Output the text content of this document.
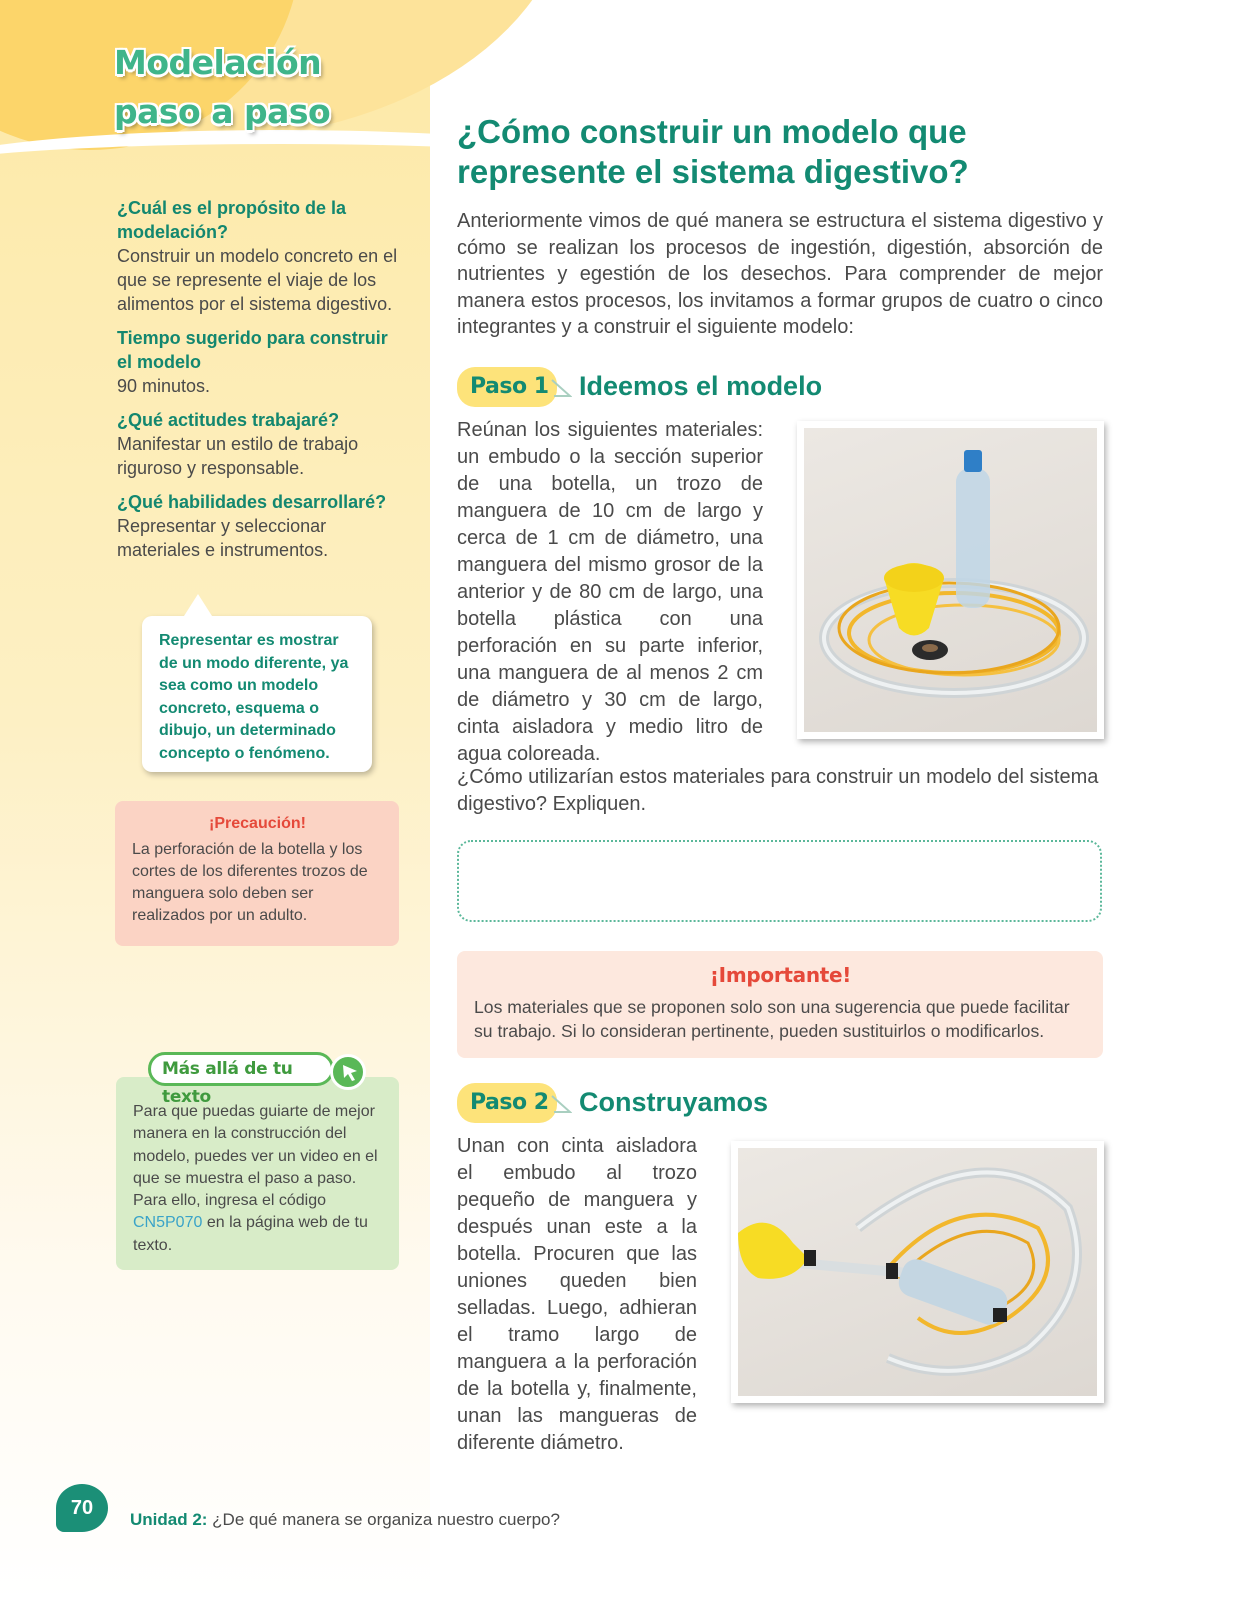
Modelación
paso a paso
¿Cuál es el propósito de la modelación?
Construir un modelo concreto en el que se represente el viaje de los alimentos por el sistema digestivo.
Tiempo sugerido para construir el modelo
90 minutos.
¿Qué actitudes trabajaré?
Manifestar un estilo de trabajo riguroso y responsable.
¿Qué habilidades desarrollaré?
Representar y seleccionar materiales e instrumentos.

Representar es mostrar de un modo diferente, ya sea como un modelo concreto, esquema o dibujo, un determinado concepto o fenómeno.

¡Precaución!

La perforación de la botella y los cortes de los diferentes trozos de manguera solo deben ser realizados por un adulto.

Para que puedas guiarte de mejor manera en la construcción del modelo, puedes ver un video en el que se muestra el paso a paso. Para ello, ingresa el código CN5P070 en la página web de tu texto.

Más allá de tu texto
¿Cómo construir un modelo que represente el sistema digestivo?

Anteriormente vimos de qué manera se estructura el sistema digestivo y cómo se realizan los procesos de ingestión, digestión, absorción de nutrientes y egestión de los desechos. Para comprender de mejor manera estos procesos, los invitamos a formar grupos de cuatro o cinco integrantes y a construir el siguiente modelo:

Paso 1	Ideemos el modelo

Reúnan los siguientes materiales: un embudo o la sección superior de una botella, un trozo de manguera de 10 cm de largo y cerca de 1 cm de diámetro, una manguera del mismo grosor de la anterior y de 80 cm de largo, una botella plástica con una perforación en su parte inferior, una manguera de al menos 2 cm de diámetro y 30 cm de largo, cinta aisladora y medio litro de agua coloreada.

¿Cómo utilizarían estos materiales para construir un modelo del sistema digestivo? Expliquen.

¡Importante!

Los materiales que se proponen solo son una sugerencia que puede facilitar su trabajo. Si lo consideran pertinente, pueden sustituirlos o modificarlos.

Paso 2	Construyamos

Unan con cinta aisladora el embudo al trozo pequeño de manguera y después unan este a la botella. Procuren que las uniones queden bien selladas. Luego, adhieran el tramo largo de manguera a la perforación de la botella y, finalmente, unan las mangueras de diferente diámetro.

70
Unidad 2: ¿De qué manera se organiza nuestro cuerpo?
